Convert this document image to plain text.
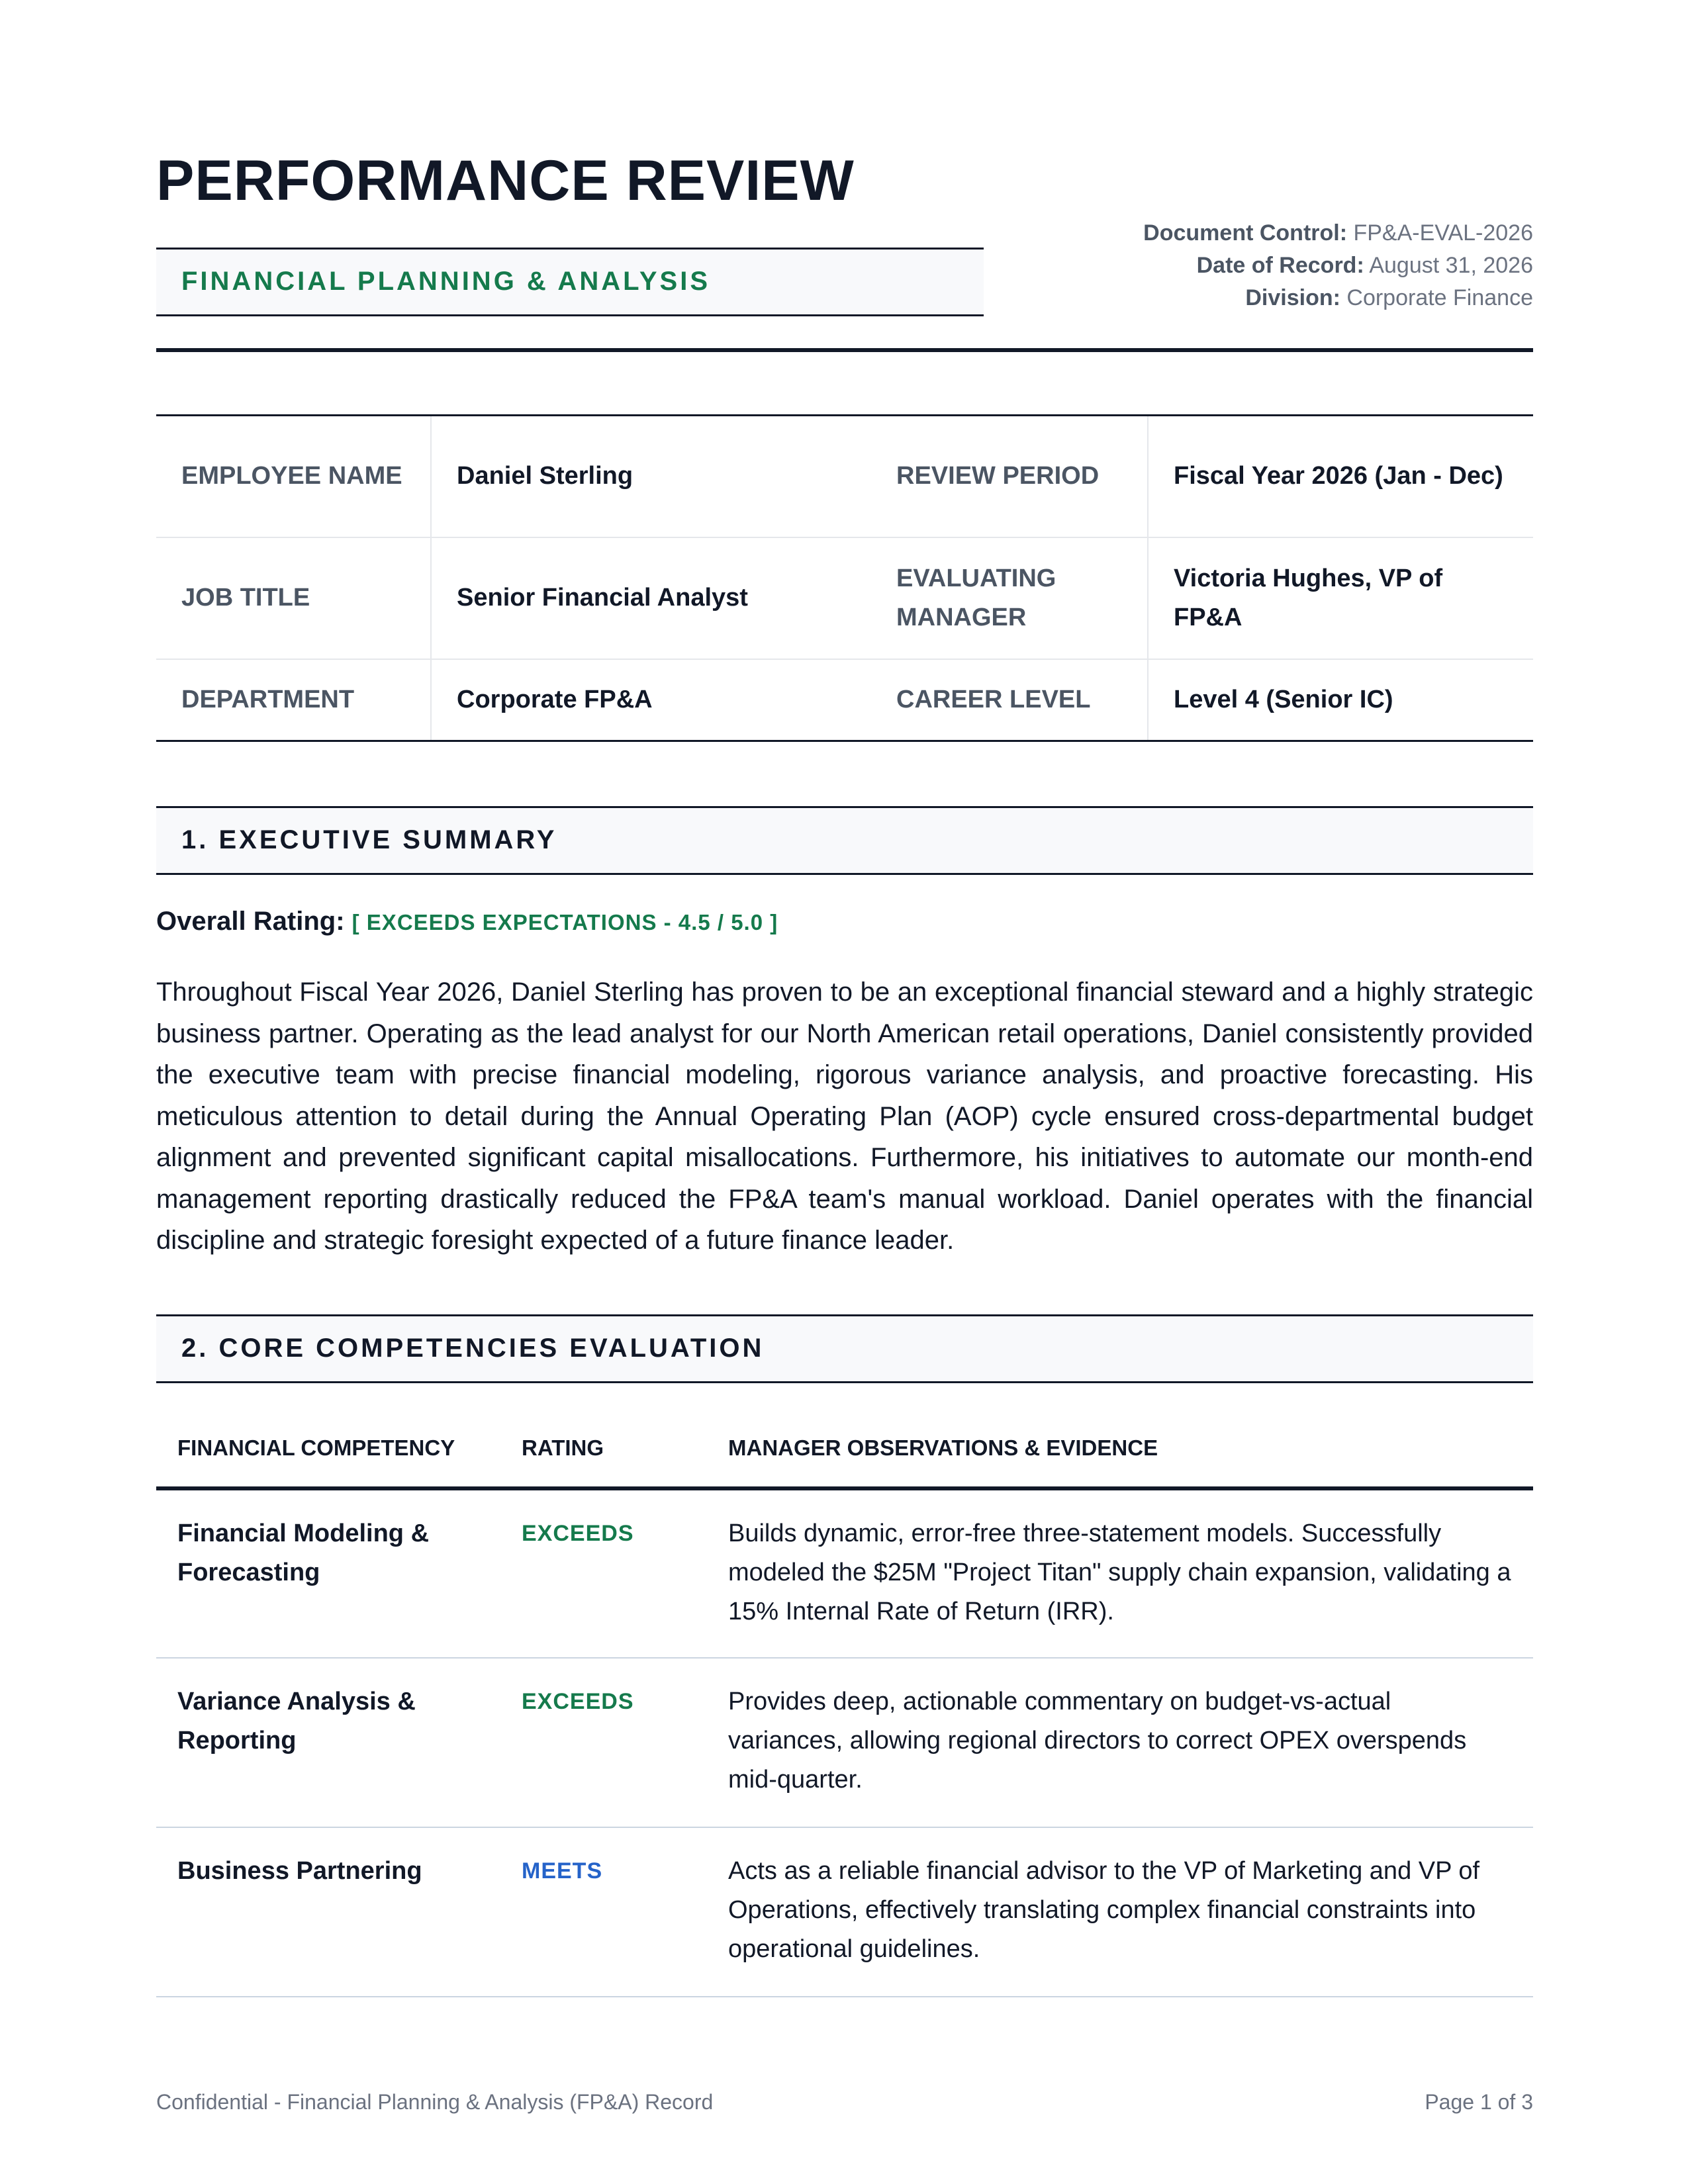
PERFORMANCE REVIEW
FINANCIAL PLANNING & ANALYSIS
Document Control: FP&A-EVAL-2026
Date of Record: August 31, 2026
Division: Corporate Finance
EMPLOYEE NAME	Daniel Sterling	REVIEW PERIOD	Fiscal Year 2026 (Jan - Dec)
JOB TITLE	Senior Financial Analyst	EVALUATING MANAGER	Victoria Hughes, VP of FP&A
DEPARTMENT	Corporate FP&A	CAREER LEVEL	Level 4 (Senior IC)
1. EXECUTIVE SUMMARY
Overall Rating: [ EXCEEDS EXPECTATIONS - 4.5 / 5.0 ]

Throughout Fiscal Year 2026, Daniel Sterling has proven to be an exceptional financial steward and a highly strategic business partner. Operating as the lead analyst for our North American retail operations, Daniel consistently provided the executive team with precise financial modeling, rigorous variance analysis, and proactive forecasting. His meticulous attention to detail during the Annual Operating Plan (AOP) cycle ensured cross-departmental budget alignment and prevented significant capital misallocations. Furthermore, his initiatives to automate our month-end management reporting drastically reduced the FP&A team's manual workload. Daniel operates with the financial discipline and strategic foresight expected of a future finance leader.

2. CORE COMPETENCIES EVALUATION
FINANCIAL COMPETENCY	RATING	MANAGER OBSERVATIONS & EVIDENCE
Financial Modeling & Forecasting	EXCEEDS	Builds dynamic, error-free three-statement models. Successfully modeled the $25M "Project Titan" supply chain expansion, validating a 15% Internal Rate of Return (IRR).
Variance Analysis & Reporting	EXCEEDS	Provides deep, actionable commentary on budget-vs-actual variances, allowing regional directors to correct OPEX overspends mid-quarter.
Business Partnering	MEETS	Acts as a reliable financial advisor to the VP of Marketing and VP of Operations, effectively translating complex financial constraints into operational guidelines.
Confidential - Financial Planning & Analysis (FP&A) Record	Page 1 of 3
